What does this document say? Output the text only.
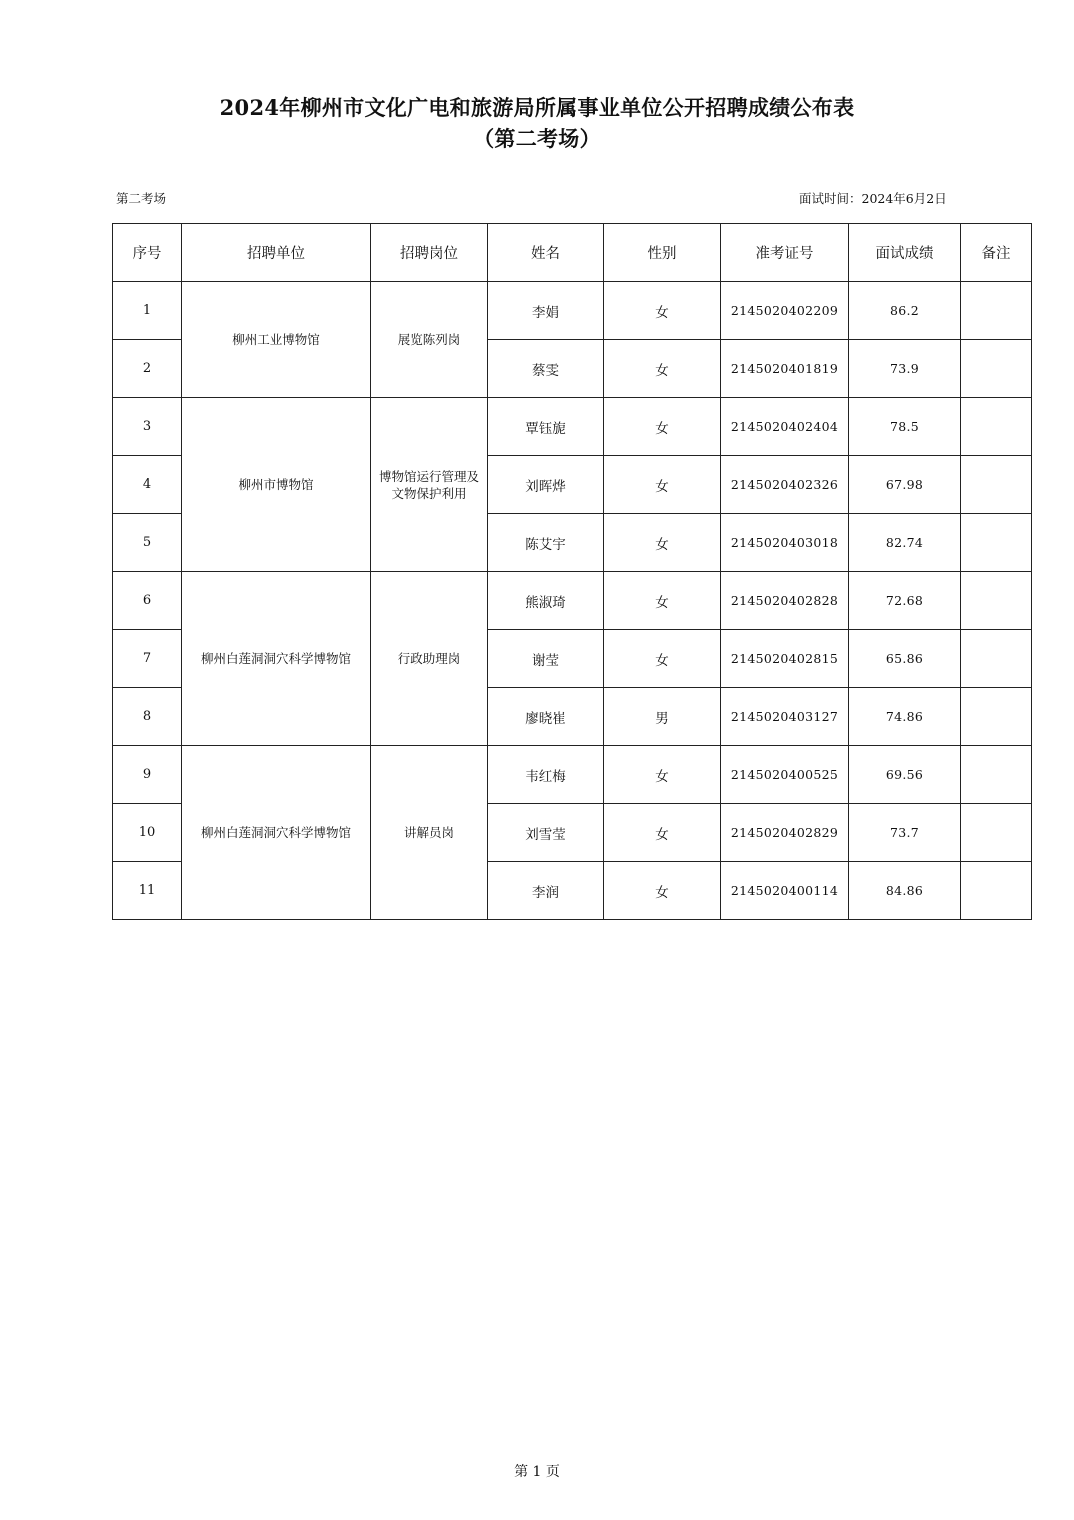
2024年柳州市文化广电和旅游局所属事业单位公开招聘成绩公布表
（第二考场）
第二考场	面试时间：2024年6月2日
序号	招聘单位	招聘岗位	姓名	性别	准考证号	面试成绩	备注
1	柳州工业博物馆	展览陈列岗	李娟	女	2145020402209	86.2	
2			蔡雯	女	2145020401819	73.9	
3	柳州市博物馆	博物馆运行管理及文物保护利用	覃钰旎	女	2145020402404	78.5	
4			刘晖烨	女	2145020402326	67.98	
5			陈艾宇	女	2145020403018	82.74	
6	柳州白莲洞洞穴科学博物馆	行政助理岗	熊淑琦	女	2145020402828	72.68	
7			谢莹	女	2145020402815	65.86	
8			廖晓崔	男	2145020403127	74.86	
9	柳州白莲洞洞穴科学博物馆	讲解员岗	韦红梅	女	2145020400525	69.56	
10			刘雪莹	女	2145020402829	73.7	
11			李润	女	2145020400114	84.86	
第 1 页
